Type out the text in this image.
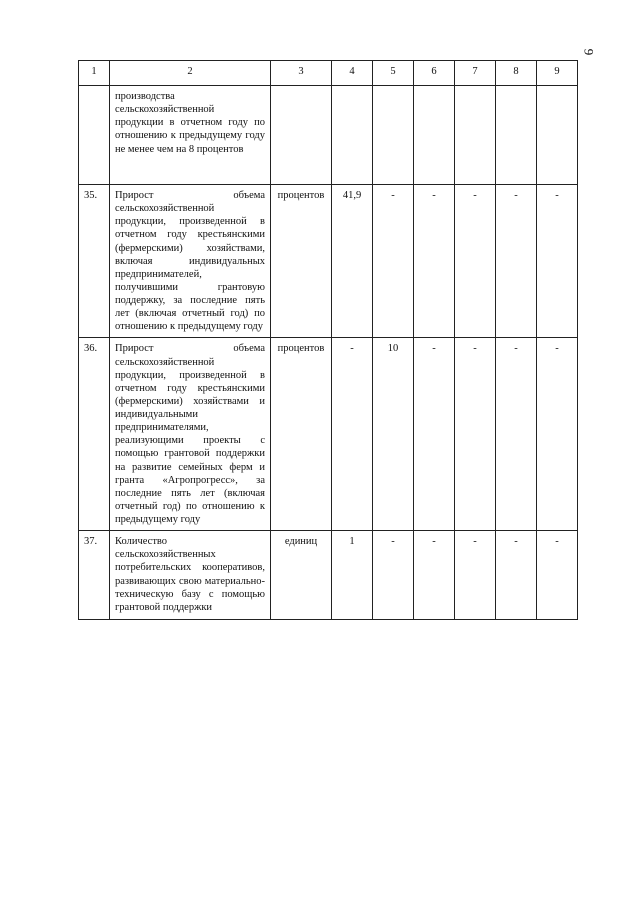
9
1	2	3	4	5	6	7	8	9
	производства сельскохозяйственной продукции в отчетном году по отношению к предыдущему году не менее чем на 8 процентов							
35.	Прирост объема сельскохозяйственной продукции, произведенной в отчетном году крестьянскими (фермерскими) хозяйствами, включая индивидуальных предпринимателей, получившими грантовую поддержку, за последние пять лет (включая отчетный год) по отношению к предыдущему году	процентов	41,9	-	-	-	-	-
36.	Прирост объема сельскохозяйственной продукции, произведенной в отчетном году крестьянскими (фермерскими) хозяйствами и индивидуальными предпринимателями, реализующими проекты с помощью грантовой поддержки на развитие семейных ферм и гранта «Агропрогресс», за последние пять лет (включая отчетный год) по отношению к предыдущему году	процентов	-	10	-	-	-	-
37.	Количество сельскохозяйственных потребительских кооперативов, развивающих свою материально-техническую базу с помощью грантовой поддержки	единиц	1	-	-	-	-	-
